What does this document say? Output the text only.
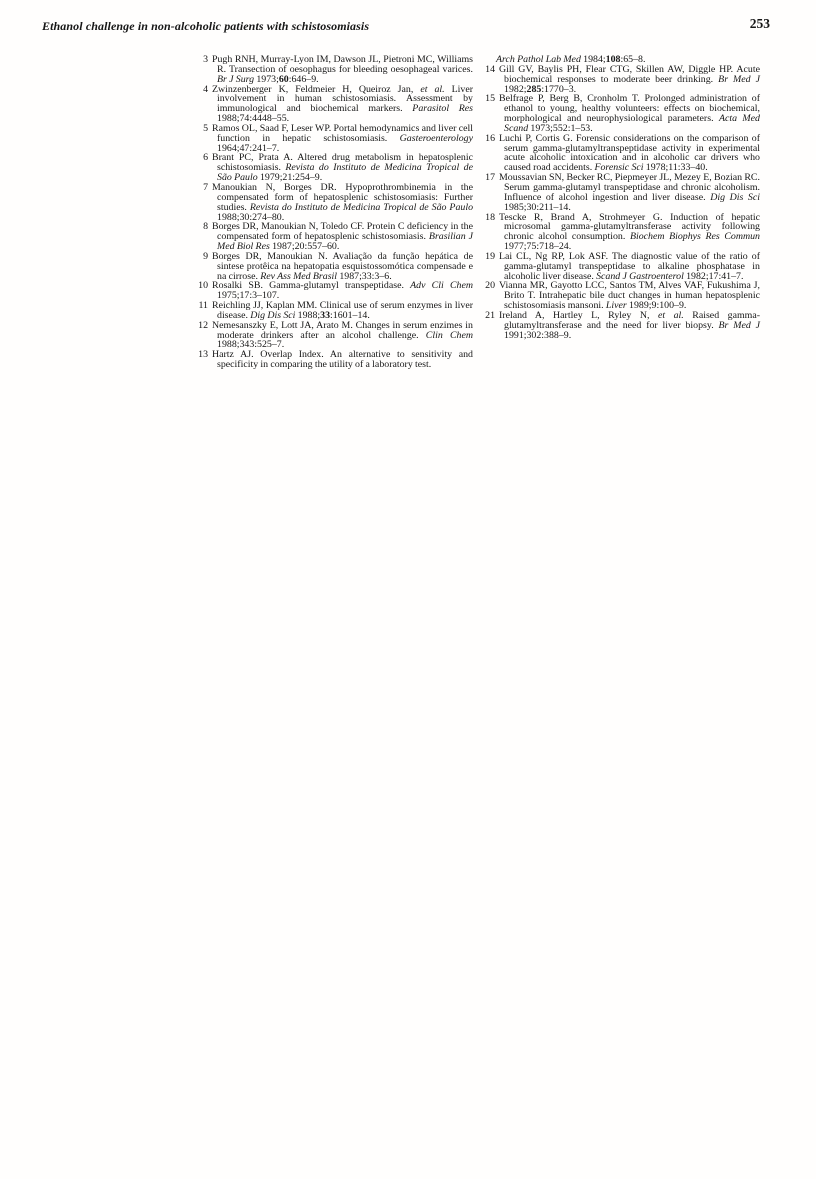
Ethanol challenge in non-alcoholic patients with schistosomiasis	253
3 Pugh RNH, Murray-Lyon IM, Dawson JL, Pietroni MC, Williams R. Transection of oesophagus for bleeding oesophageal varices. Br J Surg 1973;60:646–9.
4 Zwinzenberger K, Feldmeier H, Queiroz Jan, et al. Liver involvement in human schistosomiasis. Assessment by immunological and biochemical markers. Parasitol Res 1988;74:4448–55.
5 Ramos OL, Saad F, Leser WP. Portal hemodynamics and liver cell function in hepatic schistosomiasis. Gasteroenterology 1964;47:241–7.
6 Brant PC, Prata A. Altered drug metabolism in hepatosplenic schistosomiasis. Revista do Instituto de Medicina Tropical de São Paulo 1979;21:254–9.
7 Manoukian N, Borges DR. Hypoprothrombinemia in the compensated form of hepatosplenic schistosomiasis: Further studies. Revista do Instituto de Medicina Tropical de São Paulo 1988;30:274–80.
8 Borges DR, Manoukian N, Toledo CF. Protein C deficiency in the compensated form of hepatosplenic schistosomiasis. Brasilian J Med Biol Res 1987;20:557–60.
9 Borges DR, Manoukian N. Avaliação da função hepática de sintese protêica na hepatopatia esquistossomótica compensade e na cirrose. Rev Ass Med Brasil 1987;33:3–6.
10 Rosalki SB. Gamma-glutamyl transpeptidase. Adv Cli Chem 1975;17:3–107.
11 Reichling JJ, Kaplan MM. Clinical use of serum enzymes in liver disease. Dig Dis Sci 1988;33:1601–14.
12 Nemesanszky E, Lott JA, Arato M. Changes in serum enzimes in moderate drinkers after an alcohol challenge. Clin Chem 1988;343:525–7.
13 Hartz AJ. Overlap Index. An alternative to sensitivity and specificity in comparing the utility of a laboratory test.
Arch Pathol Lab Med 1984;108:65–8.
14 Gill GV, Baylis PH, Flear CTG, Skillen AW, Diggle HP. Acute biochemical responses to moderate beer drinking. Br Med J 1982;285:1770–3.
15 Belfrage P, Berg B, Cronholm T. Prolonged administration of ethanol to young, healthy volunteers: effects on biochemical, morphological and neurophysiological parameters. Acta Med Scand 1973;552:1–53.
16 Luchi P, Cortis G. Forensic considerations on the comparison of serum gamma-glutamyltranspeptidase activity in experimental acute alcoholic intoxication and in alcoholic car drivers who caused road accidents. Forensic Sci 1978;11:33–40.
17 Moussavian SN, Becker RC, Piepmeyer JL, Mezey E, Bozian RC. Serum gamma-glutamyl transpeptidase and chronic alcoholism. Influence of alcohol ingestion and liver disease. Dig Dis Sci 1985;30:211–14.
18 Tescke R, Brand A, Strohmeyer G. Induction of hepatic microsomal gamma-glutamyltransferase activity following chronic alcohol consumption. Biochem Biophys Res Commun 1977;75:718–24.
19 Lai CL, Ng RP, Lok ASF. The diagnostic value of the ratio of gamma-glutamyl transpeptidase to alkaline phosphatase in alcoholic liver disease. Scand J Gastroenterol 1982;17:41–7.
20 Vianna MR, Gayotto LCC, Santos TM, Alves VAF, Fukushima J, Brito T. Intrahepatic bile duct changes in human hepatosplenic schistosomiasis mansoni. Liver 1989;9:100–9.
21 Ireland A, Hartley L, Ryley N, et al. Raised gamma-glutamyltransferase and the need for liver biopsy. Br Med J 1991;302:388–9.
